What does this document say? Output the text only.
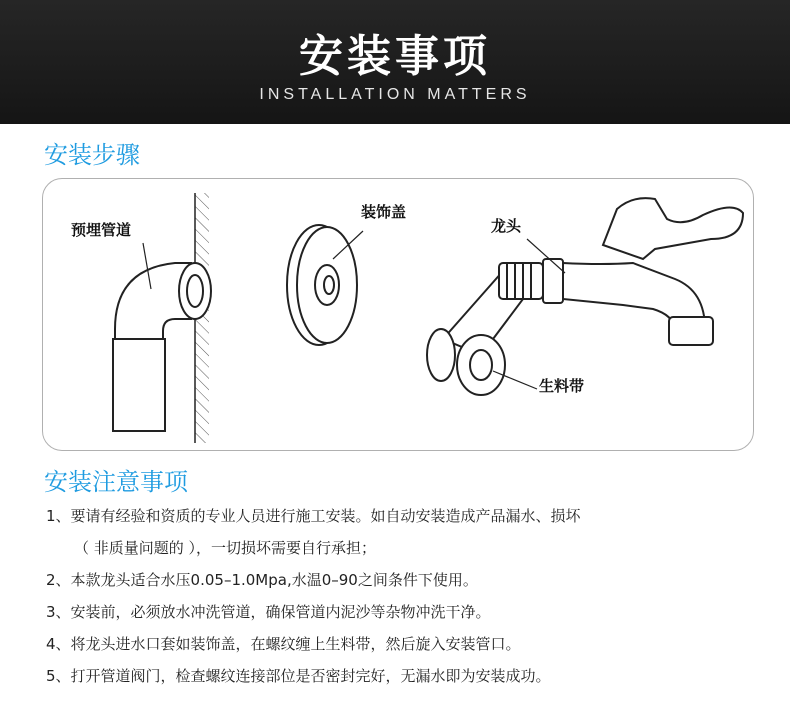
安装事项
INSTALLATION MATTERS
安装步骤
预埋管道
装饰盖
龙头
生料带
安装注意事项
1、要请有经验和资质的专业人员进行施工安装。如自动安装造成产品漏水、损坏
（ 非质量问题的 ），一切损坏需要自行承担；
2、本款龙头适合水压0.05–1.0Mpa,水温0–90之间条件下使用。
3、安装前，必须放水冲洗管道，确保管道内泥沙等杂物冲洗干净。
4、将龙头进水口套如装饰盖，在螺纹缠上生料带，然后旋入安装管口。
5、打开管道阀门，检查螺纹连接部位是否密封完好，无漏水即为安装成功。
